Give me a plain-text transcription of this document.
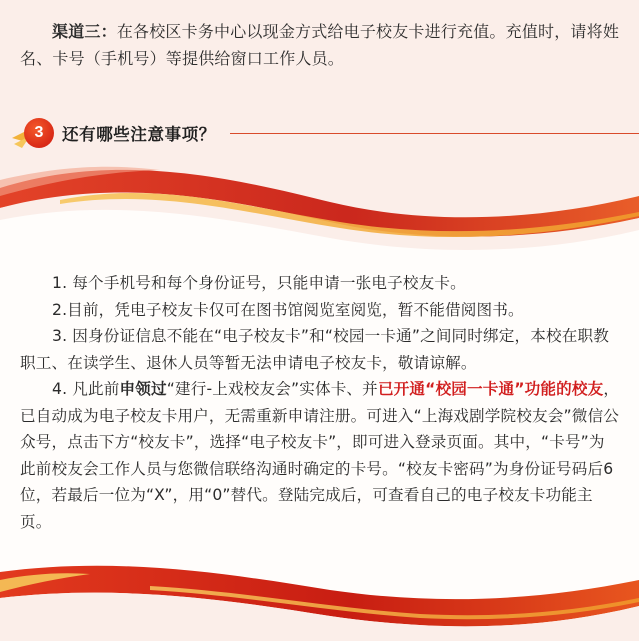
渠道三：在各校区卡务中心以现金方式给电子校友卡进行充值。充值时，请将姓名、卡号（手机号）等提供给窗口工作人员。

3	还有哪些注意事项？

1. 每个手机号和每个身份证号，只能申请一张电子校友卡。

2.目前，凭电子校友卡仅可在图书馆阅览室阅览，暂不能借阅图书。

3. 因身份证信息不能在“电子校友卡”和“校园一卡通”之间同时绑定，本校在职教职工、在读学生、退休人员等暂无法申请电子校友卡，敬请谅解。

4. 凡此前申领过“建行-上戏校友会”实体卡、并已开通“校园一卡通”功能的校友，已自动成为电子校友卡用户，无需重新申请注册。可进入“上海戏剧学院校友会”微信公众号，点击下方“校友卡”，选择“电子校友卡”，即可进入登录页面。其中，“卡号”为此前校友会工作人员与您微信联络沟通时确定的卡号。“校友卡密码”为身份证号码后6位，若最后一位为“X”，用“0”替代。登陆完成后，可查看自己的电子校友卡功能主页。
